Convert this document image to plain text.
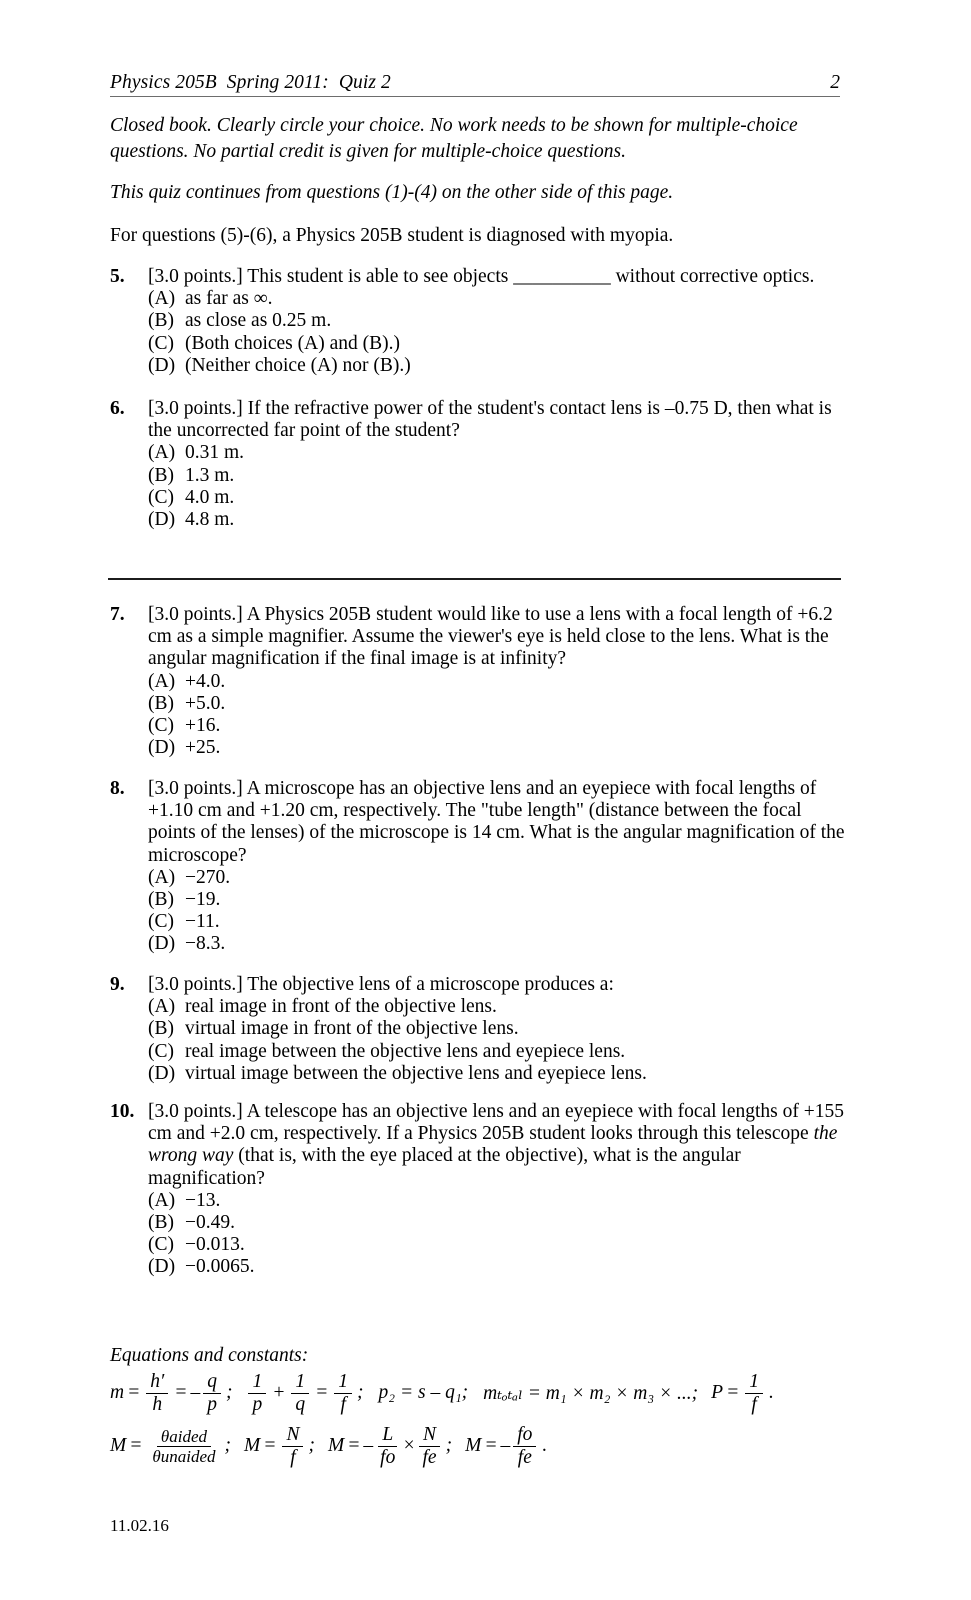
Physics 205B  Spring 2011:  Quiz 2	2
Closed book. Clearly circle your choice. No work needs to be shown for multiple-choice questions. No partial credit is given for multiple-choice questions.
This quiz continues from questions (1)-(4) on the other side of this page.
For questions (5)-(6), a Physics 205B student is diagnosed with myopia.
5.	[3.0 points.] This student is able to see objects __________ without corrective optics.
(A) as far as ∞.
(B) as close as 0.25 m.
(C) (Both choices (A) and (B).)
(D) (Neither choice (A) nor (B).)
6.	[3.0 points.] If the refractive power of the student's contact lens is –0.75 D, then what is the uncorrected far point of the student?
(A) 0.31 m.
(B) 1.3 m.
(C) 4.0 m.
(D) 4.8 m.
7.	[3.0 points.] A Physics 205B student would like to use a lens with a focal length of +6.2 cm as a simple magnifier. Assume the viewer's eye is held close to the lens. What is the angular magnification if the final image is at infinity?
(A) +4.0.
(B) +5.0.
(C) +16.
(D) +25.
8.	[3.0 points.] A microscope has an objective lens and an eyepiece with focal lengths of +1.10 cm and +1.20 cm, respectively. The "tube length" (distance between the focal points of the lenses) of the microscope is 14 cm. What is the angular magnification of the microscope?
(A) −270.
(B) −19.
(C) −11.
(D) −8.3.
9.	[3.0 points.] The objective lens of a microscope produces a:
(A) real image in front of the objective lens.
(B) virtual image in front of the objective lens.
(C) real image between the objective lens and eyepiece lens.
(D) virtual image between the objective lens and eyepiece lens.
10. [3.0 points.] A telescope has an objective lens and an eyepiece with focal lengths of +155 cm and +2.0 cm, respectively. If a Physics 205B student looks through this telescope the wrong way (that is, with the eye placed at the objective), what is the angular magnification?
(A) −13.
(B) −0.49.
(C) −0.013.
(D) −0.0065.
Equations and constants:
$m = \frac{h'}{h}$ = – $\frac{q}{p}$ ; $\frac{1}{p} + \frac{1}{q} = \frac{1}{f}$ ; p₂ = s – q₁; mₜₒₜₐₗ = m₁ × m₂ × m₃ × ...; $P = \frac{1}{f}$ .
$M = \frac{\text{θaided}}{\text{θunaided}}$ ; $M = \frac{N}{f}$ ; M = – $\frac{L}{fo} \times \frac{N}{fe}$ ; M = – $\frac{fo}{fe}$ .
11.02.16
